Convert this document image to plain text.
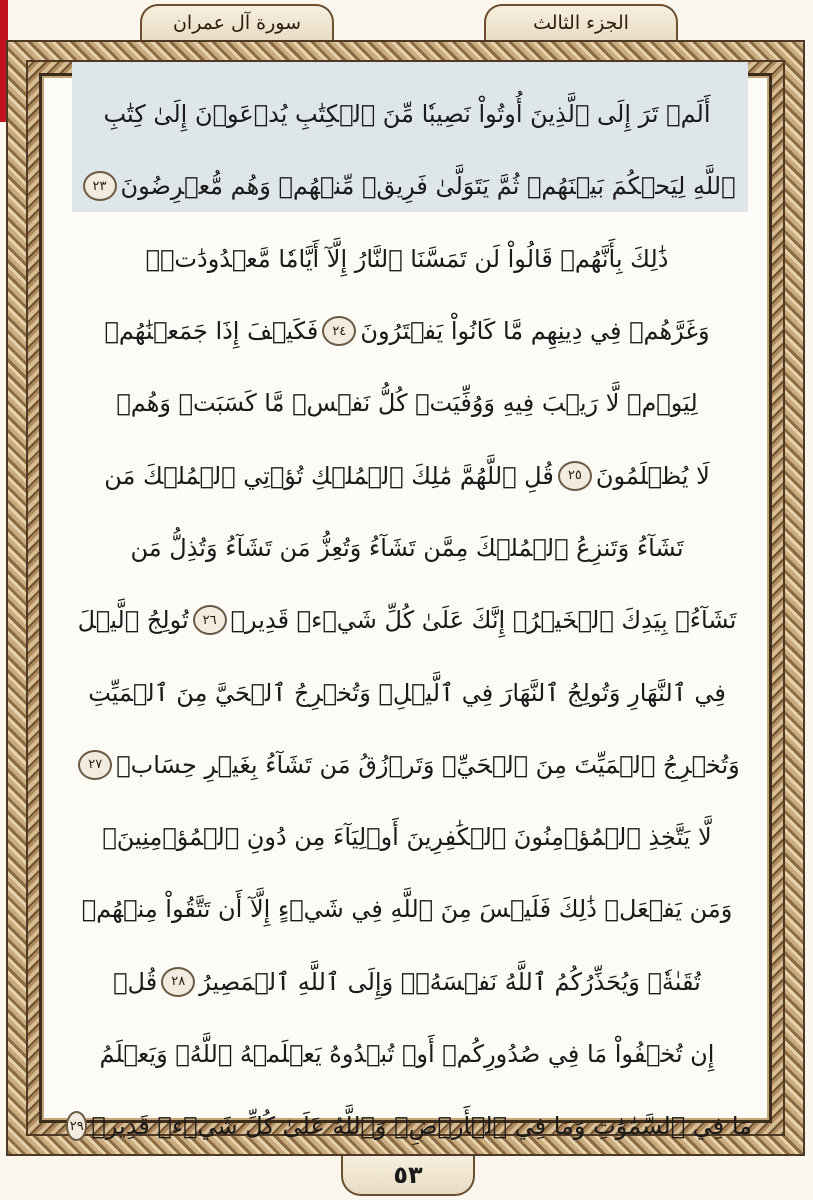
سورة آل عمران	الجزء الثالث
أَلَمۡ تَرَ إِلَى ٱلَّذِينَ أُوتُواْ نَصِيبٗا مِّنَ ٱلۡكِتَٰبِ يُدۡعَوۡنَ إِلَىٰ كِتَٰبِ
ٱللَّهِ لِيَحۡكُمَ بَيۡنَهُمۡ ثُمَّ يَتَوَلَّىٰ فَرِيقٞ مِّنۡهُمۡ وَهُم مُّعۡرِضُونَ
٢٣
ذَٰلِكَ بِأَنَّهُمۡ قَالُواْ لَن تَمَسَّنَا ٱلنَّارُ إِلَّآ أَيَّامٗا مَّعۡدُودَٰتٖۖ
وَغَرَّهُمۡ فِي دِينِهِم مَّا كَانُواْ يَفۡتَرُونَ
٢٤
فَكَيۡفَ إِذَا جَمَعۡنَٰهُمۡ
لِيَوۡمٖ لَّا رَيۡبَ فِيهِ وَوُفِّيَتۡ كُلُّ نَفۡسٖ مَّا كَسَبَتۡ وَهُمۡ
لَا يُظۡلَمُونَ
٢٥
قُلِ ٱللَّهُمَّ مَٰلِكَ ٱلۡمُلۡكِ تُؤۡتِي ٱلۡمُلۡكَ مَن
تَشَآءُ وَتَنزِعُ ٱلۡمُلۡكَ مِمَّن تَشَآءُ وَتُعِزُّ مَن تَشَآءُ وَتُذِلُّ مَن
تَشَآءُۖ بِيَدِكَ ٱلۡخَيۡرُۖ إِنَّكَ عَلَىٰ كُلِّ شَيۡءٖ قَدِيرٞ
٢٦
تُولِجُ ٱلَّيۡلَ
فِي ٱلنَّهَارِ وَتُولِجُ ٱلنَّهَارَ فِي ٱلَّيۡلِۖ وَتُخۡرِجُ ٱلۡحَيَّ مِنَ ٱلۡمَيِّتِ
وَتُخۡرِجُ ٱلۡمَيِّتَ مِنَ ٱلۡحَيِّۖ وَتَرۡزُقُ مَن تَشَآءُ بِغَيۡرِ حِسَابٖ
٢٧
لَّا يَتَّخِذِ ٱلۡمُؤۡمِنُونَ ٱلۡكَٰفِرِينَ أَوۡلِيَآءَ مِن دُونِ ٱلۡمُؤۡمِنِينَۖ
وَمَن يَفۡعَلۡ ذَٰلِكَ فَلَيۡسَ مِنَ ٱللَّهِ فِي شَيۡءٍ إِلَّآ أَن تَتَّقُواْ مِنۡهُمۡ
تُقَىٰةٗۗ وَيُحَذِّرُكُمُ ٱللَّهُ نَفۡسَهُۥۗ وَإِلَى ٱللَّهِ ٱلۡمَصِيرُ
٢٨
قُلۡ
إِن تُخۡفُواْ مَا فِي صُدُورِكُمۡ أَوۡ تُبۡدُوهُ يَعۡلَمۡهُ ٱللَّهُۗ وَيَعۡلَمُ
مَا فِي ٱلسَّمَٰوَٰتِ وَمَا فِي ٱلۡأَرۡضِۗ وَٱللَّهُ عَلَىٰ كُلِّ شَيۡءٖ قَدِيرٞ
٢٩
٥٣
